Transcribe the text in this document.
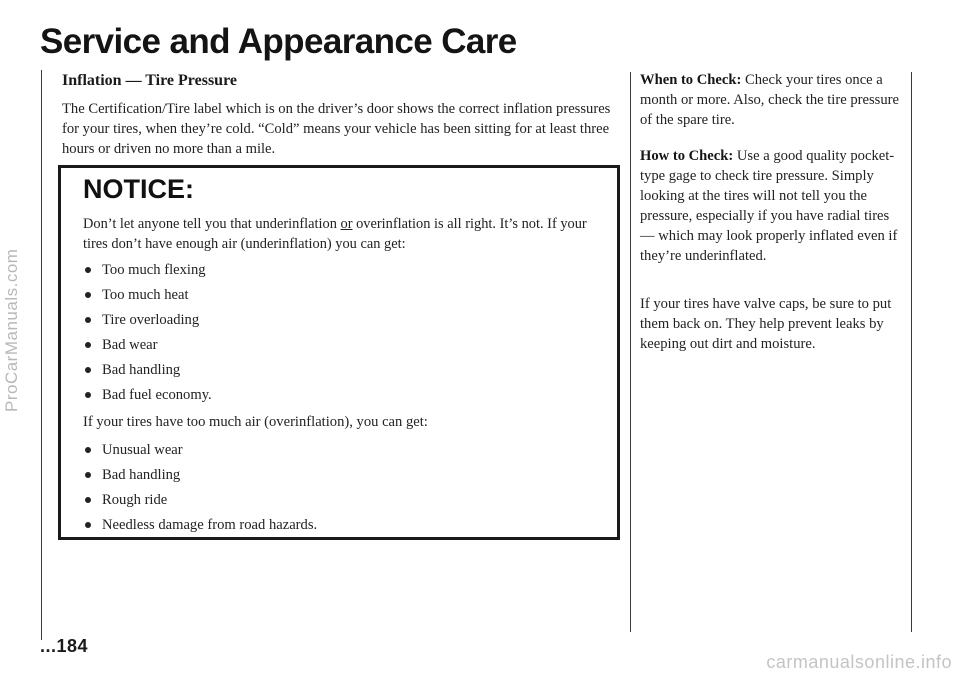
ProCarManuals.com
Service and Appearance Care
Inflation — Tire Pressure

The Certification/Tire label which is on the driver’s door shows the correct inflation pressures for your tires, when they’re cold. “Cold” means your vehicle has been sitting for at least three hours or driven no more than a mile.

NOTICE:

Don’t let anyone tell you that underinflation or overinflation is all right. It’s not. If your tires don’t have enough air (underinflation) you can get:

Too much flexing
Too much heat
Tire overloading
Bad wear
Bad handling
Bad fuel economy.

If your tires have too much air (overinflation), you can get:

Unusual wear
Bad handling
Rough ride
Needless damage from road hazards.

When to Check: Check your tires once a month or more. Also, check the tire pressure of the spare tire.

How to Check: Use a good quality pocket-type gage to check tire pressure. Simply looking at the tires will not tell you the pressure, especially if you have radial tires — which may look properly inflated even if they’re underinflated.

If your tires have valve caps, be sure to put them back on. They help prevent leaks by keeping out dirt and moisture.

...184

carmanualsonline.info
